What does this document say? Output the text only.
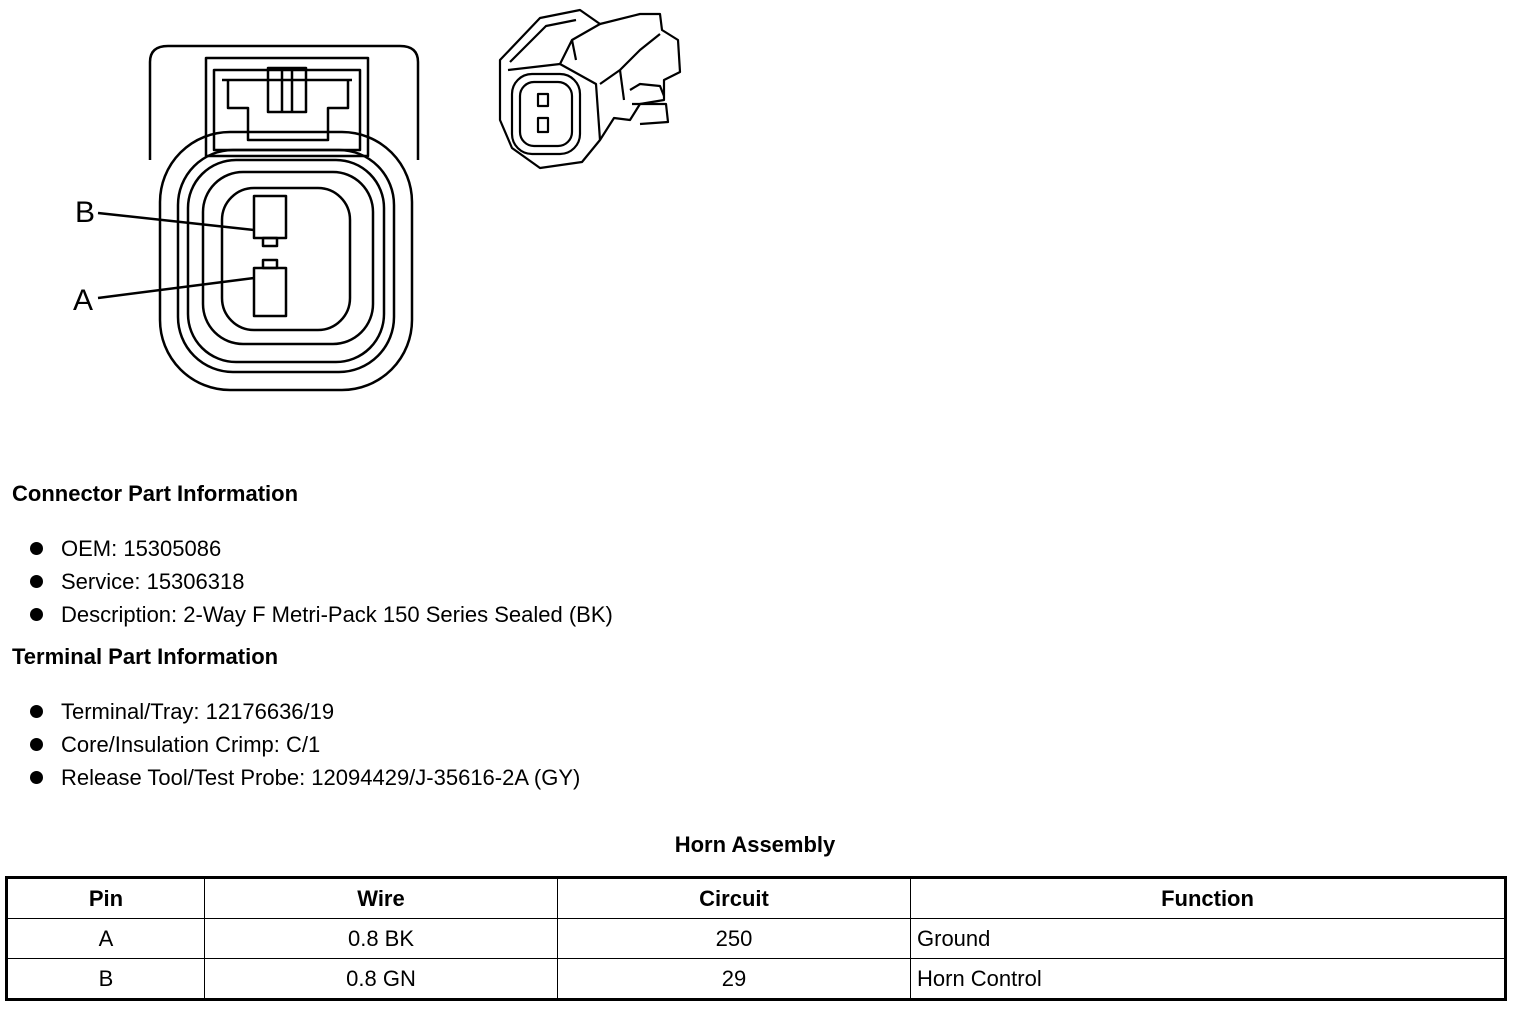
B
A
Connector Part Information
OEM: 15305086
Service: 15306318
Description: 2-Way F Metri-Pack 150 Series Sealed (BK)
Terminal Part Information
Terminal/Tray: 12176636/19
Core/Insulation Crimp: C/1
Release Tool/Test Probe: 12094429/J-35616-2A (GY)
Horn Assembly
Pin	Wire	Circuit	Function
A	0.8 BK	250	Ground
B	0.8 GN	29	Horn Control
